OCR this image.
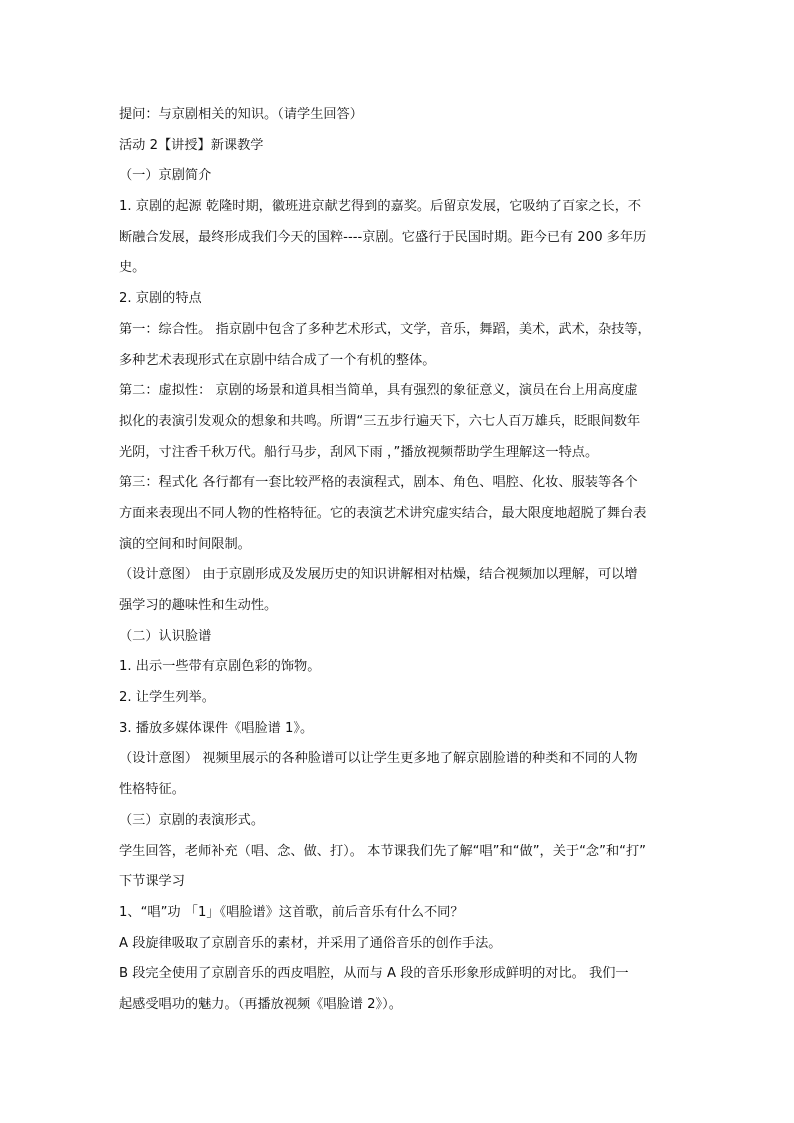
提问：与京剧相关的知识。（请学生回答）

活动 2【讲授】新课教学

（一）京剧简介

1. 京剧的起源 乾隆时期，徽班进京献艺得到的嘉奖。后留京发展，它吸纳了百家之长，不

断融合发展，最终形成我们今天的国粹----京剧。它盛行于民国时期。距今已有 200 多年历

史。

2. 京剧的特点

第一：综合性。 指京剧中包含了多种艺术形式，文学，音乐，舞蹈，美术，武术，杂技等，

多种艺术表现形式在京剧中结合成了一个有机的整体。

第二：虚拟性： 京剧的场景和道具相当简单，具有强烈的象征意义，演员在台上用高度虚

拟化的表演引发观众的想象和共鸣。所谓“三五步行遍天下，六七人百万雄兵，眨眼间数年

光阴，寸注香千秋万代。船行马步，刮风下雨 ，”播放视频帮助学生理解这一特点。

第三：程式化 各行都有一套比较严格的表演程式，剧本、角色、唱腔、化妆、服装等各个

方面来表现出不同人物的性格特征。它的表演艺术讲究虚实结合，最大限度地超脱了舞台表

演的空间和时间限制。

（设计意图） 由于京剧形成及发展历史的知识讲解相对枯燥，结合视频加以理解，可以增

强学习的趣味性和生动性。

（二）认识脸谱

1. 出示一些带有京剧色彩的饰物。

2. 让学生列举。

3. 播放多媒体课件《唱脸谱 1》。

（设计意图） 视频里展示的各种脸谱可以让学生更多地了解京剧脸谱的种类和不同的人物

性格特征。

（三）京剧的表演形式。

学生回答，老师补充（唱、念、做、打）。 本节课我们先了解“唱”和“做”，关于“念”和“打”

下节课学习

1、“唱”功 「1」《唱脸谱》这首歌，前后音乐有什么不同？

A 段旋律吸取了京剧音乐的素材，并采用了通俗音乐的创作手法。

B 段完全使用了京剧音乐的西皮唱腔，从而与 A 段的音乐形象形成鲜明的对比。 我们一

起感受唱功的魅力。（再播放视频《唱脸谱 2》）。
